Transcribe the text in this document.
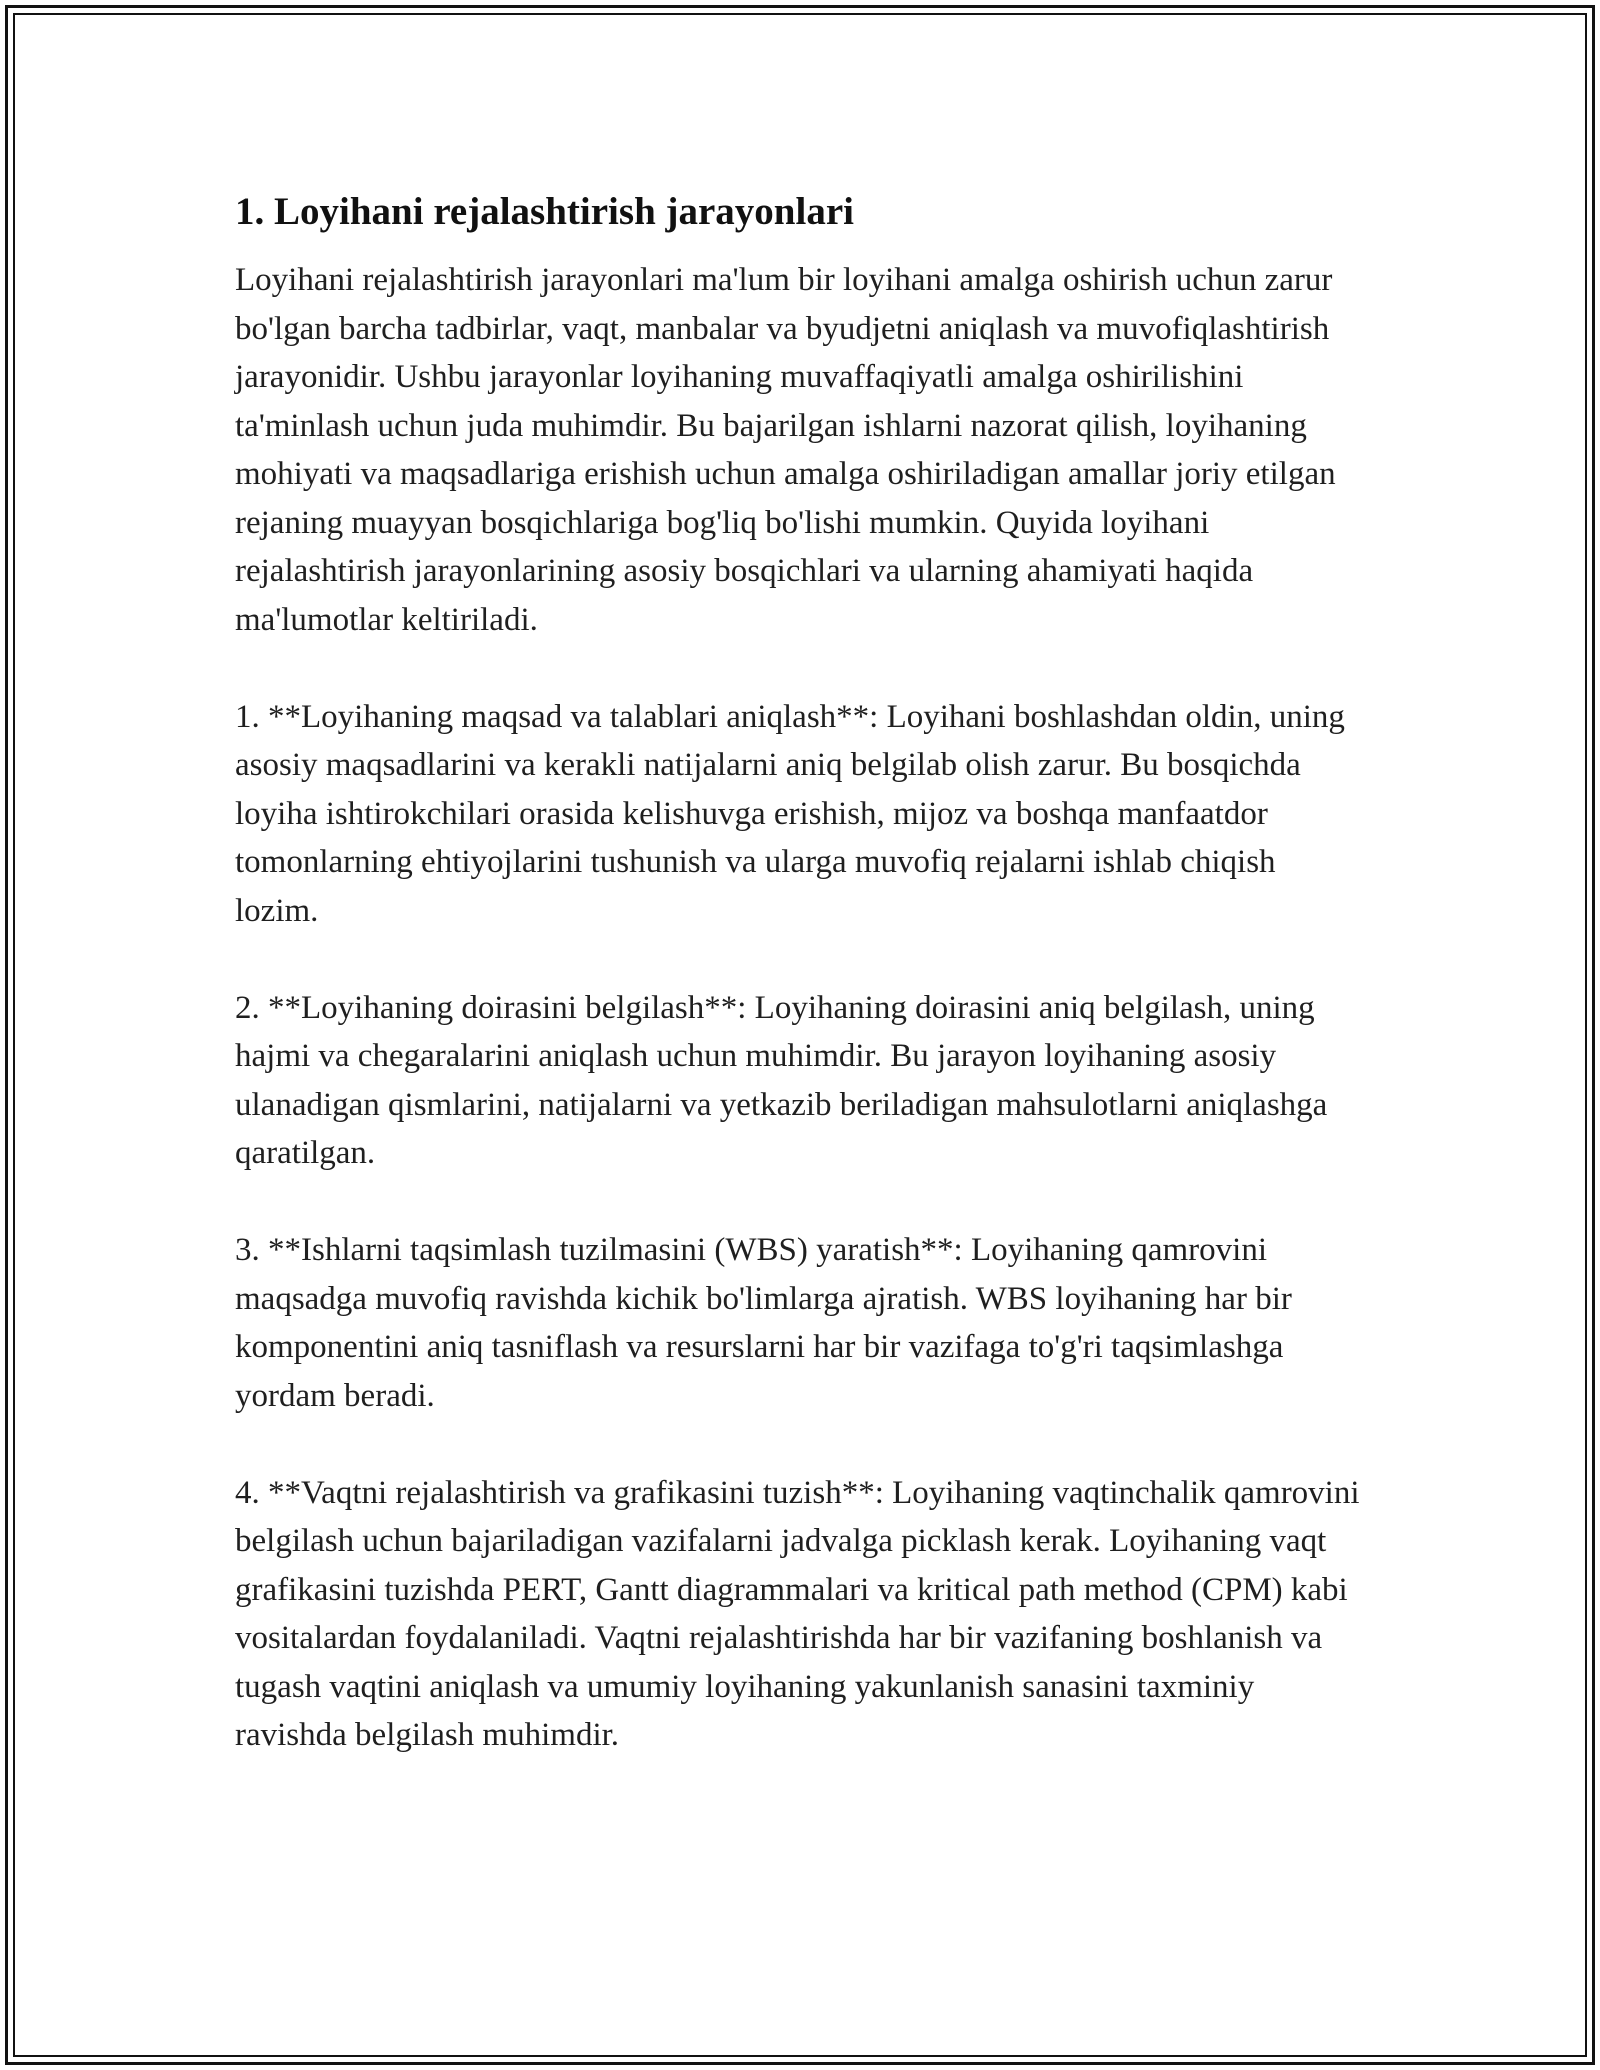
1. Loyihani rejalashtirish jarayonlari

Loyihani rejalashtirish jarayonlari ma'lum bir loyihani amalga oshirish uchun zarur bo'lgan barcha tadbirlar, vaqt, manbalar va byudjetni aniqlash va muvofiqlashtirish jarayonidir. Ushbu jarayonlar loyihaning muvaffaqiyatli amalga oshirilishini ta'minlash uchun juda muhimdir. Bu bajarilgan ishlarni nazorat qilish, loyihaning mohiyati va maqsadlariga erishish uchun amalga oshiriladigan amallar joriy etilgan rejaning muayyan bosqichlariga bog'liq bo'lishi mumkin. Quyida loyihani rejalashtirish jarayonlarining asosiy bosqichlari va ularning ahamiyati haqida ma'lumotlar keltiriladi.

1. **Loyihaning maqsad va talablari aniqlash**: Loyihani boshlashdan oldin, uning asosiy maqsadlarini va kerakli natijalarni aniq belgilab olish zarur. Bu bosqichda loyiha ishtirokchilari orasida kelishuvga erishish, mijoz va boshqa manfaatdor tomonlarning ehtiyojlarini tushunish va ularga muvofiq rejalarni ishlab chiqish lozim.

2. **Loyihaning doirasini belgilash**: Loyihaning doirasini aniq belgilash, uning hajmi va chegaralarini aniqlash uchun muhimdir. Bu jarayon loyihaning asosiy ulanadigan qismlarini, natijalarni va yetkazib beriladigan mahsulotlarni aniqlashga qaratilgan.

3. **Ishlarni taqsimlash tuzilmasini (WBS) yaratish**: Loyihaning qamrovini maqsadga muvofiq ravishda kichik bo'limlarga ajratish. WBS loyihaning har bir komponentini aniq tasniflash va resurslarni har bir vazifaga to'g'ri taqsimlashga yordam beradi.

4. **Vaqtni rejalashtirish va grafikasini tuzish**: Loyihaning vaqtinchalik qamrovini belgilash uchun bajariladigan vazifalarni jadvalga picklash kerak. Loyihaning vaqt grafikasini tuzishda PERT, Gantt diagrammalari va kritical path method (CPM) kabi vositalardan foydalaniladi. Vaqtni rejalashtirishda har bir vazifaning boshlanish va tugash vaqtini aniqlash va umumiy loyihaning yakunlanish sanasini taxminiy ravishda belgilash muhimdir.
